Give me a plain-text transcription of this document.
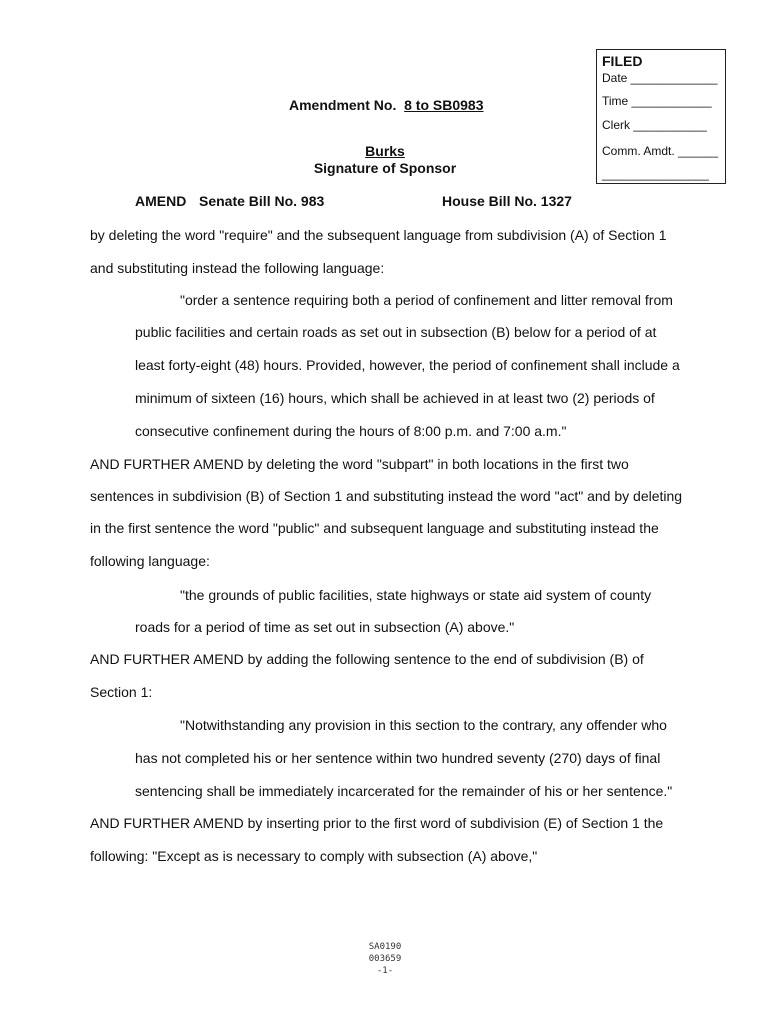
FILED
Date _____________
Time ____________
Clerk ___________
Comm. Amdt. ______
________________
Amendment No. 8 to SB0983
Burks
Signature of Sponsor
AMEND Senate Bill No. 983	House Bill No. 1327
by deleting the word "require" and the subsequent language from subdivision (A) of Section 1
and substituting instead the following language:
"order a sentence requiring both a period of confinement and litter removal from
public facilities and certain roads as set out in subsection (B) below for a period of at
least forty-eight (48) hours. Provided, however, the period of confinement shall include a
minimum of sixteen (16) hours, which shall be achieved in at least two (2) periods of
consecutive confinement during the hours of 8:00 p.m. and 7:00 a.m."
AND FURTHER AMEND by deleting the word "subpart" in both locations in the first two
sentences in subdivision (B) of Section 1 and substituting instead the word "act" and by deleting
in the first sentence the word "public" and subsequent language and substituting instead the
following language:
"the grounds of public facilities, state highways or state aid system of county
roads for a period of time as set out in subsection (A) above."
AND FURTHER AMEND by adding the following sentence to the end of subdivision (B) of
Section 1:
"Notwithstanding any provision in this section to the contrary, any offender who
has not completed his or her sentence within two hundred seventy (270) days of final
sentencing shall be immediately incarcerated for the remainder of his or her sentence."
AND FURTHER AMEND by inserting prior to the first word of subdivision (E) of Section 1 the
following: "Except as is necessary to comply with subsection (A) above,"
SA0190
003659
-1-
